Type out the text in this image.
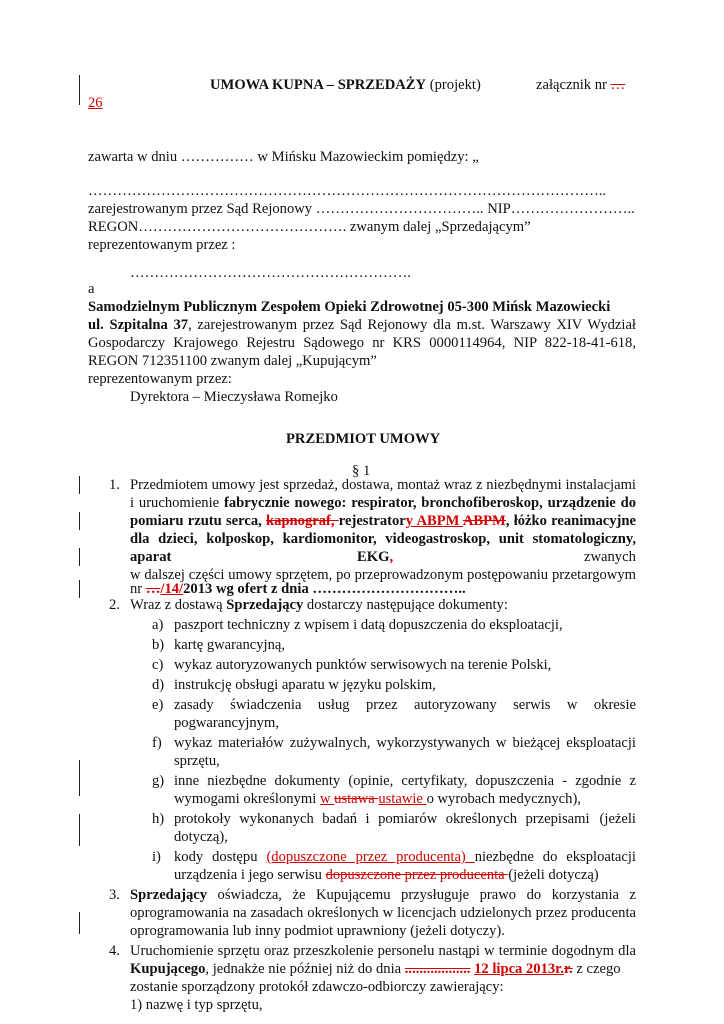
UMOWA KUPNA – SPRZEDAŻY (projekt)	załącznik nr …
26
zawarta w dniu …………… w Mińsku Mazowieckim pomiędzy: „
……………………………………………………………………………………………..
zarejestrowanym przez Sąd Rejonowy …………………………….. NIP……………………..
REGON……………………………………. zwanym dalej „Sprzedającym”
reprezentowanym przez :
………………………………………………….
a
Samodzielnym Publicznym Zespołem Opieki Zdrowotnej 05-300 Mińsk Mazowiecki
ul. Szpitalna 37, zarejestrowanym przez Sąd Rejonowy dla m.st. Warszawy XIV Wydział
Gospodarczy Krajowego Rejestru Sądowego nr KRS 0000114964, NIP 822-18-41-618,
REGON 712351100 zwanym dalej „Kupującym”
reprezentowanym przez:
Dyrektora – Mieczysława Romejko
PRZEDMIOT UMOWY
§ 1
1. Przedmiotem umowy jest sprzedaż, dostawa, montaż wraz z niezbędnymi instalacjami
i uruchomienie fabrycznie nowego: respirator, bronchofiberoskop, urządzenie do
pomiaru rzutu serca, kapnograf, rejestratory ABPM ABPM, łóżko reanimacyjne
dla dzieci, kolposkop, kardiomonitor, videogastroskop, unit stomatologiczny,
aparat	EKG,	zwanych
w dalszej części umowy sprzętem, po przeprowadzonym postępowaniu przetargowym
nr …/14/2013 wg ofert z dnia …………………………..
2. Wraz z dostawą Sprzedający dostarczy następujące dokumenty:
a) paszport techniczny z wpisem i datą dopuszczenia do eksploatacji,
b) kartę gwarancyjną,
c) wykaz autoryzowanych punktów serwisowych na terenie Polski,
d) instrukcję obsługi aparatu w języku polskim,
e) zasady świadczenia usług przez autoryzowany serwis w okresie
pogwarancyjnym,
f) wykaz materiałów zużywalnych, wykorzystywanych w bieżącej eksploatacji
sprzętu,
g) inne niezbędne dokumenty (opinie, certyfikaty, dopuszczenia - zgodnie z
wymogami określonymi w ustawa ustawie o wyrobach medycznych),
h) protokoły wykonanych badań i pomiarów określonych przepisami (jeżeli
dotyczą),
i) kody dostępu (dopuszczone przez producenta) niezbędne do eksploatacji
urządzenia i jego serwisu dopuszczone przez producenta (jeżeli dotyczą)
3. Sprzedający oświadcza, że Kupującemu przysługuje prawo do korzystania z
oprogramowania na zasadach określonych w licencjach udzielonych przez producenta
oprogramowania lub inny podmiot uprawniony (jeżeli dotyczy).
4. Uruchomienie sprzętu oraz przeszkolenie personelu nastąpi w terminie dogodnym dla
Kupującego, jednakże nie później niż do dnia .................. 12 lipca 2013r.r. z czego
zostanie sporządzony protokół zdawczo-odbiorczy zawierający:
1) nazwę i typ sprzętu,
